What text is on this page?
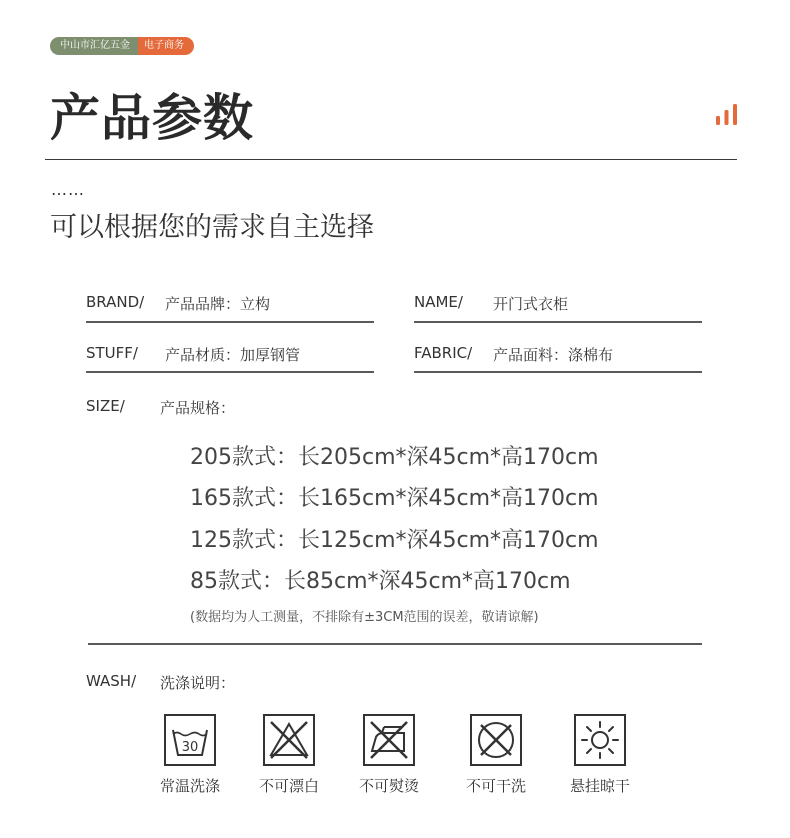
中山市汇亿五金	电子商务
产品参数
……
可以根据您的需求自主选择
BRAND/ 产品品牌：立构	NAME/ 开门式衣柜
STUFF/ 产品材质：加厚钢管	FABRIC/ 产品面料：涤棉布
SIZE/ 产品规格：
205款式：长205cm*深45cm*高170cm
165款式：长165cm*深45cm*高170cm
125款式：长125cm*深45cm*高170cm
85款式：长85cm*深45cm*高170cm
(数据均为人工测量，不排除有±3CM范围的误差，敬请谅解)
WASH/ 洗涤说明：
30
常温洗涤	不可漂白	不可熨烫	不可干洗	悬挂晾干
